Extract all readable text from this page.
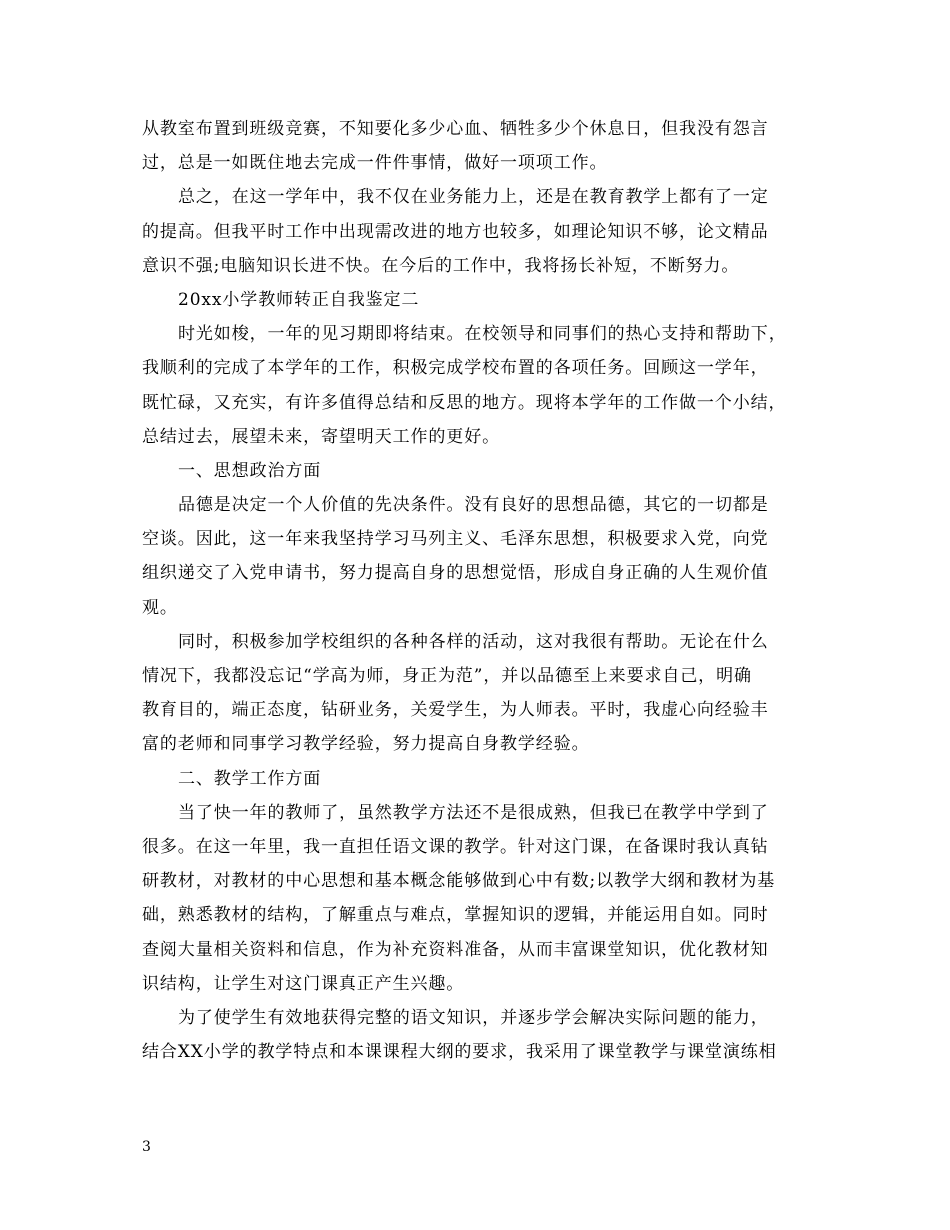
从教室布置到班级竞赛，不知要化多少心血、牺牲多少个休息日，但我没有怨言
过，总是一如既住地去完成一件件事情，做好一项项工作。
总之，在这一学年中，我不仅在业务能力上，还是在教育教学上都有了一定
的提高。但我平时工作中出现需改进的地方也较多，如理论知识不够，论文精品
意识不强;电脑知识长进不快。在今后的工作中，我将扬长补短，不断努力。
20xx小学教师转正自我鉴定二
时光如梭，一年的见习期即将结束。在校领导和同事们的热心支持和帮助下，
我顺利的完成了本学年的工作，积极完成学校布置的各项任务。回顾这一学年，
既忙碌，又充实，有许多值得总结和反思的地方。现将本学年的工作做一个小结，
总结过去，展望未来，寄望明天工作的更好。
一、思想政治方面
品德是决定一个人价值的先决条件。没有良好的思想品德，其它的一切都是
空谈。因此，这一年来我坚持学习马列主义、毛泽东思想，积极要求入党，向党
组织递交了入党申请书，努力提高自身的思想觉悟，形成自身正确的人生观价值
观。
同时，积极参加学校组织的各种各样的活动，这对我很有帮助。无论在什么
情况下，我都没忘记“学高为师，身正为范”，并以品德至上来要求自己，明确
教育目的，端正态度，钻研业务，关爱学生，为人师表。平时，我虚心向经验丰
富的老师和同事学习教学经验，努力提高自身教学经验。
二、教学工作方面
当了快一年的教师了，虽然教学方法还不是很成熟，但我已在教学中学到了
很多。在这一年里，我一直担任语文课的教学。针对这门课，在备课时我认真钻
研教材，对教材的中心思想和基本概念能够做到心中有数;以教学大纲和教材为基
础，熟悉教材的结构，了解重点与难点，掌握知识的逻辑，并能运用自如。同时
查阅大量相关资料和信息，作为补充资料准备，从而丰富课堂知识，优化教材知
识结构，让学生对这门课真正产生兴趣。
为了使学生有效地获得完整的语文知识，并逐步学会解决实际问题的能力，
结合XX小学的教学特点和本课课程大纲的要求，我采用了课堂教学与课堂演练相
3
